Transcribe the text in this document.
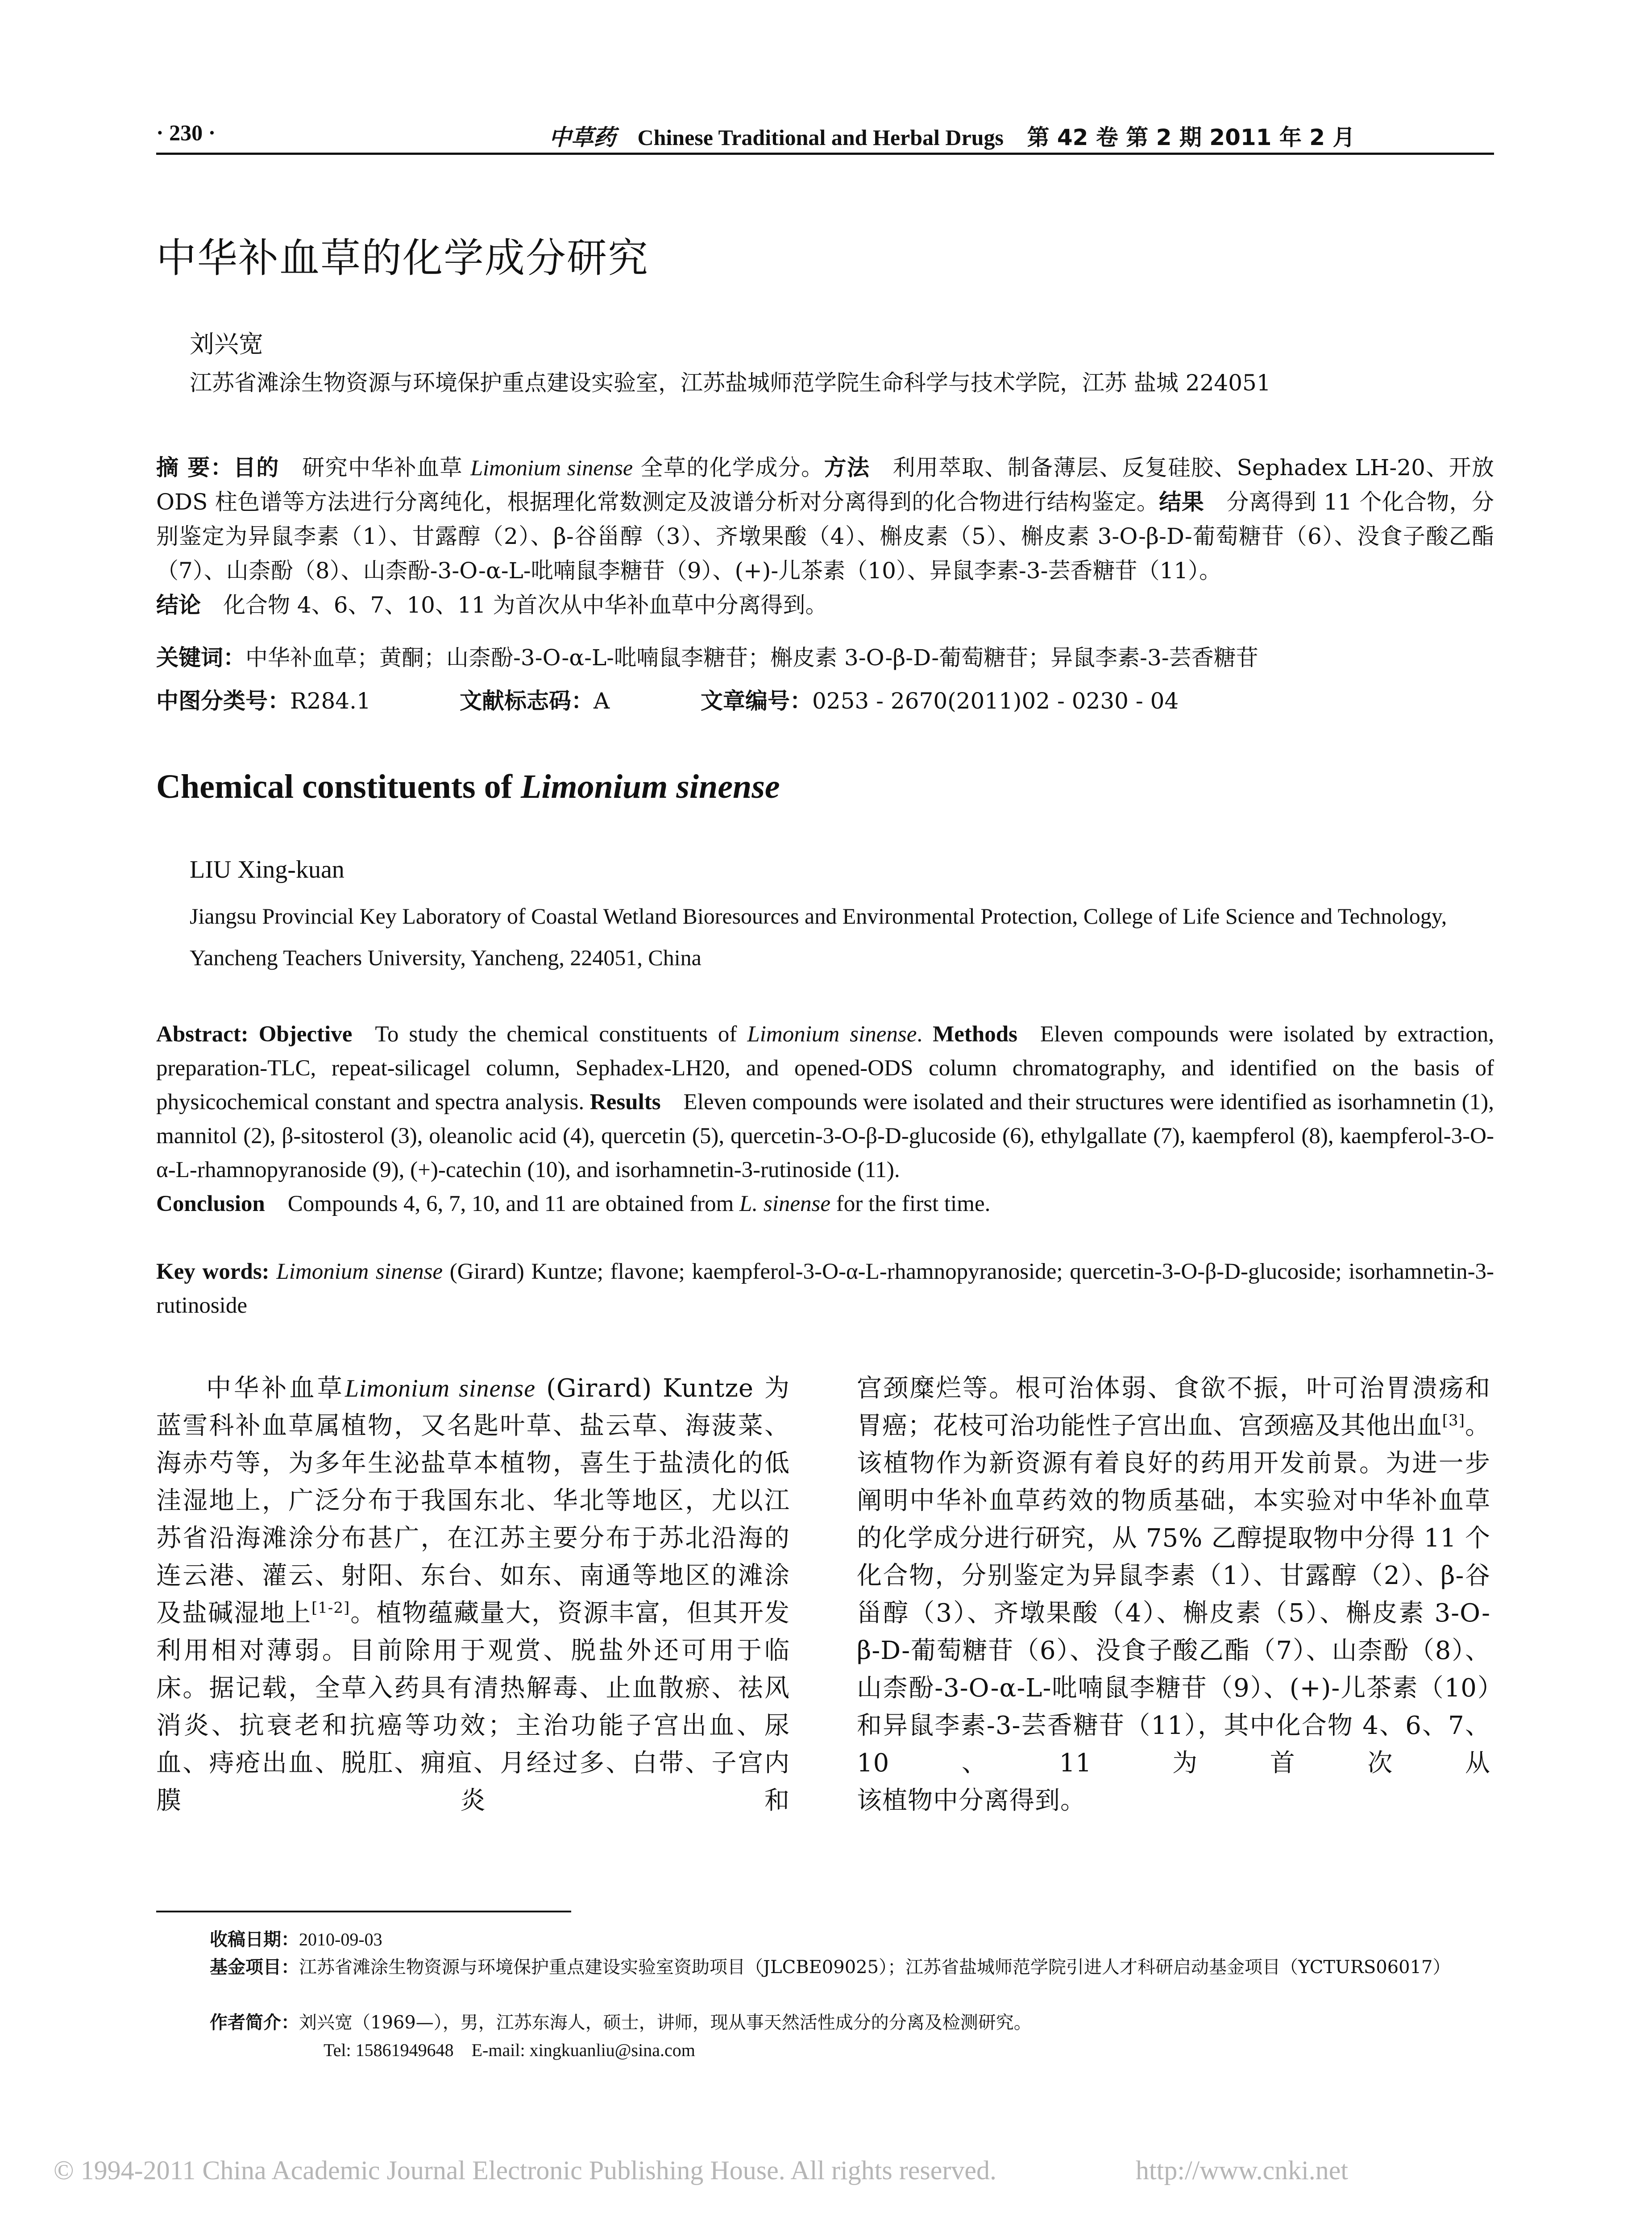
· 230 ·	中草药 Chinese Traditional and Herbal Drugs 第 42 卷 第 2 期 2011 年 2 月
中华补血草的化学成分研究
刘兴宽
江苏省滩涂生物资源与环境保护重点建设实验室，江苏盐城师范学院生命科学与技术学院，江苏 盐城 224051
摘 要：目的  研究中华补血草 Limonium sinense 全草的化学成分。方法  利用萃取、制备薄层、反复硅胶、Sephadex LH-20、开放 ODS 柱色谱等方法进行分离纯化，根据理化常数测定及波谱分析对分离得到的化合物进行结构鉴定。结果  分离得到 11 个化合物，分别鉴定为异鼠李素（1）、甘露醇（2）、β-谷甾醇（3）、齐墩果酸（4）、槲皮素（5）、槲皮素 3-O-β-D-葡萄糖苷（6）、没食子酸乙酯（7）、山柰酚（8）、山柰酚-3-O-α-L-吡喃鼠李糖苷（9）、(+)-儿茶素（10）、异鼠李素-3-芸香糖苷（11）。
结论  化合物 4、6、7、10、11 为首次从中华补血草中分离得到。
关键词：中华补血草；黄酮；山柰酚-3-O-α-L-吡喃鼠李糖苷；槲皮素 3-O-β-D-葡萄糖苷；异鼠李素-3-芸香糖苷
中图分类号：R284.1	文献标志码：A	文章编号：0253 - 2670(2011)02 - 0230 - 04
Chemical constituents of Limonium sinense
LIU Xing-kuan
Jiangsu Provincial Key Laboratory of Coastal Wetland Bioresources and Environmental Protection, College of Life Science and Technology, Yancheng Teachers University, Yancheng, 224051, China
Abstract: Objective  To study the chemical constituents of Limonium sinense. Methods  Eleven compounds were isolated by extraction, preparation-TLC, repeat-silicagel column, Sephadex-LH20, and opened-ODS column chromatography, and identified on the basis of physicochemical constant and spectra analysis. Results  Eleven compounds were isolated and their structures were identified as isorhamnetin (1), mannitol (2), β-sitosterol (3), oleanolic acid (4), quercetin (5), quercetin-3-O-β-D-glucoside (6), ethylgallate (7), kaempferol (8), kaempferol-3-O-α-L-rhamnopyranoside (9), (+)-catechin (10), and isorhamnetin-3-rutinoside (11).
Conclusion  Compounds 4, 6, 7, 10, and 11 are obtained from L. sinense for the first time.
Key words: Limonium sinense (Girard) Kuntze; flavone; kaempferol-3-O-α-L-rhamnopyranoside; quercetin-3-O-β-D-glucoside; isorhamnetin-3-rutinoside
中华补血草Limonium sinense (Girard) Kuntze 为蓝雪科补血草属植物，又名匙叶草、盐云草、海菠菜、海赤芍等，为多年生泌盐草本植物，喜生于盐渍化的低洼湿地上，广泛分布于我国东北、华北等地区，尤以江苏省沿海滩涂分布甚广，在江苏主要分布于苏北沿海的连云港、灌云、射阳、东台、如东、南通等地区的滩涂及盐碱湿地上[1-2]。植物蕴藏量大，资源丰富，但其开发利用相对薄弱。目前除用于观赏、脱盐外还可用于临床。据记载，全草入药具有清热解毒、止血散瘀、祛风消炎、抗衰老和抗癌等功效；主治功能子宫出血、尿血、痔疮出血、脱肛、痈疽、月经过多、白带、子宫内膜炎和
宫颈糜烂等。根可治体弱、食欲不振，叶可治胃溃疡和胃癌；花枝可治功能性子宫出血、宫颈癌及其他出血[3]。该植物作为新资源有着良好的药用开发前景。为进一步阐明中华补血草药效的物质基础，本实验对中华补血草的化学成分进行研究，从 75% 乙醇提取物中分得 11 个化合物，分别鉴定为异鼠李素（1）、甘露醇（2）、β-谷甾醇（3）、齐墩果酸（4）、槲皮素（5）、槲皮素 3-O-β-D-葡萄糖苷（6）、没食子酸乙酯（7）、山柰酚（8）、山柰酚-3-O-α-L-吡喃鼠李糖苷（9）、(+)-儿茶素（10）和异鼠李素-3-芸香糖苷（11），其中化合物 4、6、7、10、11 为首次从
该植物中分离得到。
收稿日期：2010-09-03
基金项目：江苏省滩涂生物资源与环境保护重点建设实验室资助项目（JLCBE09025）；江苏省盐城师范学院引进人才科研启动基金项目（YCTURS06017）
作者简介：刘兴宽（1969—），男，江苏东海人，硕士，讲师，现从事天然活性成分的分离及检测研究。
Tel: 15861949648    E-mail: xingkuanliu@sina.com
© 1994-2011 China Academic Journal Electronic Publishing House. All rights reserved.	http://www.cnki.net
